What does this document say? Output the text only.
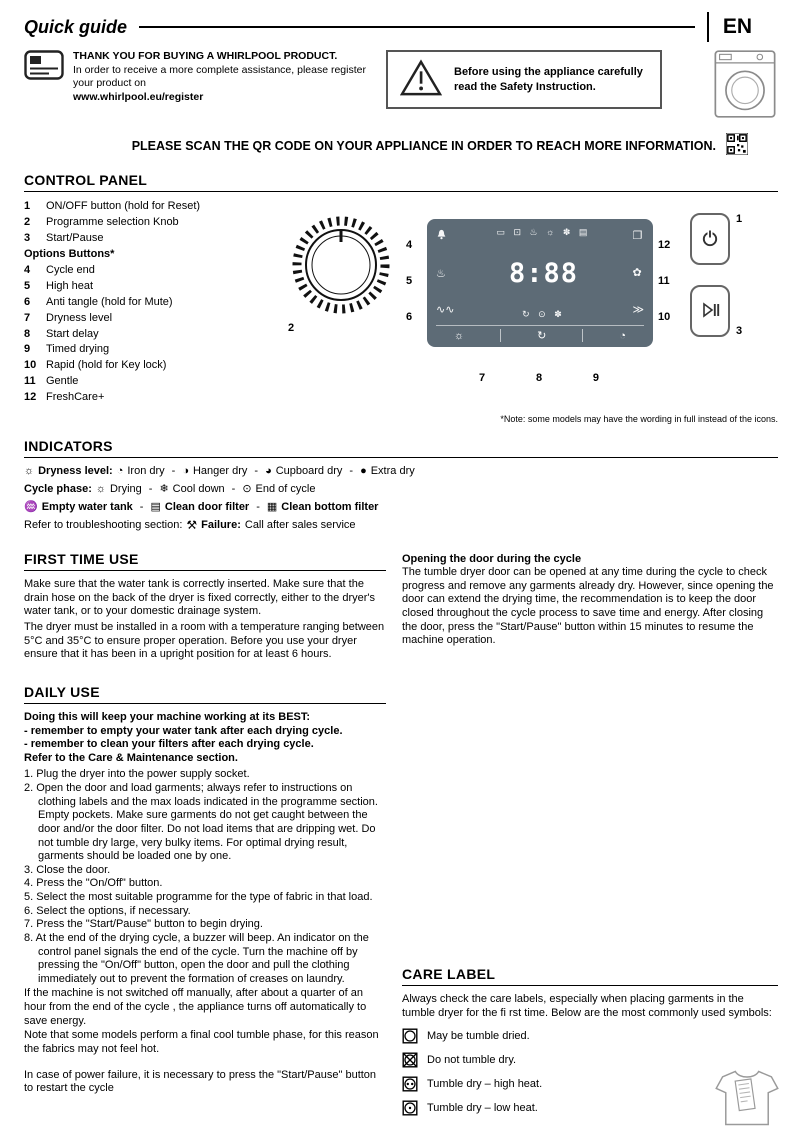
Quick guide	EN
THANK YOU FOR BUYING A WHIRLPOOL PRODUCT.
In order to receive a more complete assistance, please register your product on
www.whirlpool.eu/register
Before using the appliance carefully read the Safety Instruction.
PLEASE SCAN THE QR CODE ON YOUR APPLIANCE IN ORDER TO REACH MORE INFORMATION.
CONTROL PANEL
1	ON/OFF button (hold for Reset)
2	Programme selection Knob
3	Start/Pause
Options Buttons*
4	Cycle end
5	High heat
6	Anti tangle (hold for Mute)
7	Dryness level
8	Start delay
9	Timed drying
10 Rapid (hold for Key lock)
11 Gentle
12 FreshCare+
2
4
5
6
♨
∿∿
▭ ⊡ ♨ ☼ ✽ ▤
8:88
↻ ⊙ ✽
❐
✿
≫
☼	↻	◔
12
11
10
7	8	9
1
3
*Note: some models may have the wording in full instead of the icons.
INDICATORS
☼ Dryness level: ◔ Iron dry - ◑ Hanger dry - ◕ Cupboard dry - ● Extra dry
Cycle phase: ☼ Drying - ❄ Cool down - ⊙ End of cycle
♒ Empty water tank - ▤ Clean door filter - ▦ Clean bottom filter
Refer to troubleshooting section: ⚒ Failure: Call after sales service
FIRST TIME USE

Make sure that the water tank is correctly inserted. Make sure that the drain hose on the back of the dryer is fixed correctly, either to the dryer's water tank, or to your domestic drainage system.

The dryer must be installed in a room with a temperature ranging between 5°C and 35°C to ensure proper operation. Before you use your dryer ensure that it has been in a upright position for at least 6 hours.

DAILY USE
Doing this will keep your machine working at its BEST:
- remember to empty your water tank after each drying cycle.
- remember to clean your filters after each drying cycle.
Refer to the Care & Maintenance section.
Plug the dryer into the power supply socket.
Open the door and load garments; always refer to instructions on clothing labels and the max loads indicated in the programme section. Empty pockets. Make sure garments do not get caught between the door and/or the door filter. Do not load items that are dripping wet. Do not tumble dry large, very bulky items. For optimal drying result, garments should be loaded one by one.
Close the door.
Press the "On/Off" button.
Select the most suitable programme for the type of fabric in that load.
Select the options, if necessary.
Press the "Start/Pause" button to begin drying.
At the end of the drying cycle, a buzzer will beep. An indicator on the control panel signals the end of the cycle. Turn the machine off by pressing the "On/Off" button, open the door and pull the clothing immediately out to prevent the formation of creases on laundry.

If the machine is not switched off manually, after about a quarter of an hour from the end of the cycle , the appliance turns off automatically to save energy.

Note that some models perform a final cool tumble phase, for this reason the fabrics may not feel hot.

In case of power failure, it is necessary to press the "Start/Pause" button to restart the cycle

Opening the door during the cycle

The tumble dryer door can be opened at any time during the cycle to check progress and remove any garments already dry. However, since opening the door can extend the drying time, the recommendation is to keep the door closed throughout the cycle process to save time and energy. After closing the door, press the "Start/Pause" button within 15 minutes to resume the machine operation.

CARE LABEL

Always check the care labels, especially when placing garments in the tumble dryer for the fi rst time. Below are the most commonly used symbols:

May be tumble dried.
Do not tumble dry.
Tumble dry – high heat.
Tumble dry – low heat.
